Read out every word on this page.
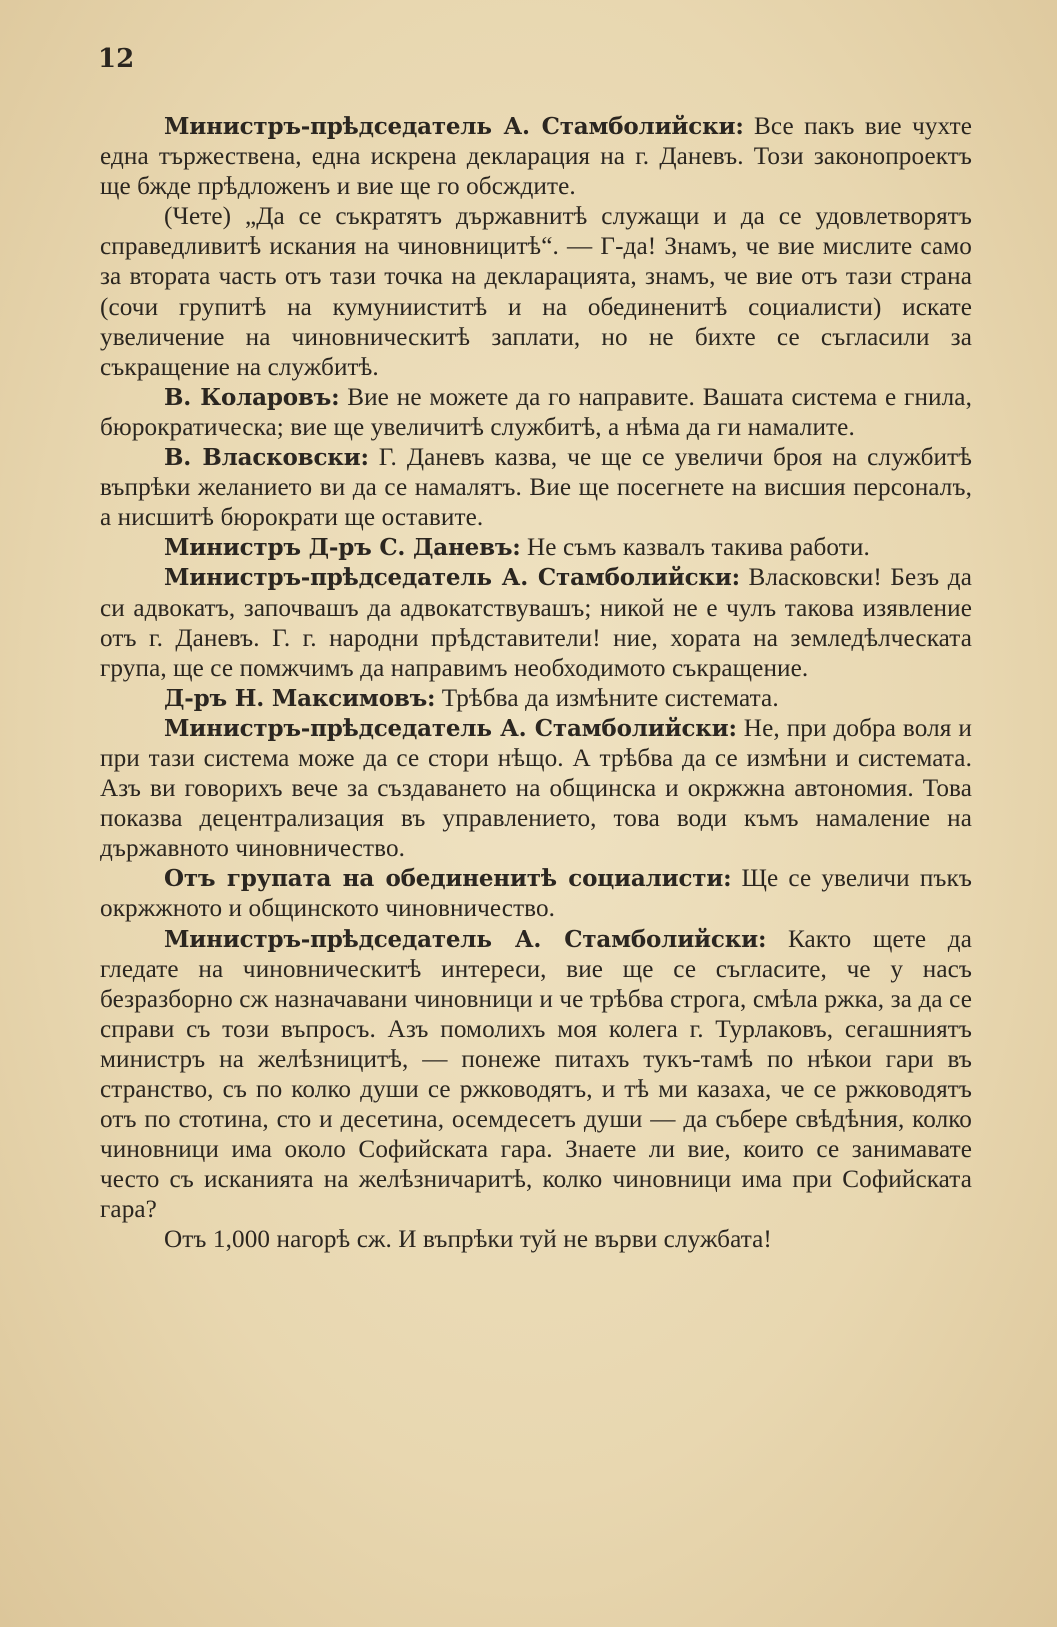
12

Министръ-прѣдседатель А. Стамболийски: Все пакъ вие чухте една тържествена, една искрена декларация на г. Даневъ. Този законопроектъ ще бжде прѣдложенъ и вие ще го обсждите.

(Чете) „Да се съкратятъ държавнитѣ служащи и да се удовлетворятъ справедливитѣ искания на чиновницитѣ“. — Г-да! Знамъ, че вие мислите само за втората часть отъ тази точка на декларацията, знамъ, че вие отъ тази страна (сочи групитѣ на кумунииститѣ и на обединенитѣ социалисти) искате увеличение на чиновническитѣ заплати, но не бихте се съгласили за съкращение на службитѣ.

В. Коларовъ: Вие не можете да го направите. Вашата система е гнила, бюрократическа; вие ще увеличитѣ службитѣ, а нѣма да ги намалите.

В. Власковски: Г. Даневъ казва, че ще се увеличи броя на службитѣ въпрѣки желанието ви да се намалятъ. Вие ще посегнете на висшия персоналъ, а нисшитѣ бюрократи ще оставите.

Министръ Д-ръ С. Даневъ: Не съмъ казвалъ такива работи.

Министръ-прѣдседатель А. Стамболийски: Власковски! Безъ да си адвокатъ, започвашъ да адвокатствувашъ; никой не е чулъ такова изявление отъ г. Даневъ. Г. г. народни прѣдставители! ние, хората на земледѣлческата група, ще се помжчимъ да направимъ необходимото съкращение.

Д-ръ Н. Максимовъ: Трѣбва да измѣните системата.

Министръ-прѣдседатель А. Стамболийски: Не, при добра воля и при тази система може да се стори нѣщо. А трѣбва да се измѣни и системата. Азъ ви говорихъ вече за създаването на общинска и окржжна автономия. Това показва децентрализация въ управлението, това води къмъ намаление на държавното чиновничество.

Отъ групата на обединенитѣ социалисти: Ще се увеличи пъкъ окржжното и общинското чиновничество.

Министръ-прѣдседатель А. Стамболийски: Както щете да гледате на чиновническитѣ интереси, вие ще се съгласите, че у насъ безразборно сж назначавани чиновници и че трѣбва строга, смѣла ржка, за да се справи съ този въпросъ. Азъ помолихъ моя колега г. Турлаковъ, сегашниятъ министръ на желѣзницитѣ, — понеже питахъ тукъ-тамѣ по нѣкои гари въ странство, съ по колко души се ржководятъ, и тѣ ми казаха, че се ржководятъ отъ по стотина, сто и десетина, осемдесетъ души — да събере свѣдѣния, колко чиновници има около Софийската гара. Знаете ли вие, които се занимавате често съ исканията на желѣзничаритѣ, колко чиновници има при Софийската гара?

Отъ 1,000 нагорѣ сж. И въпрѣки туй не върви службата!
